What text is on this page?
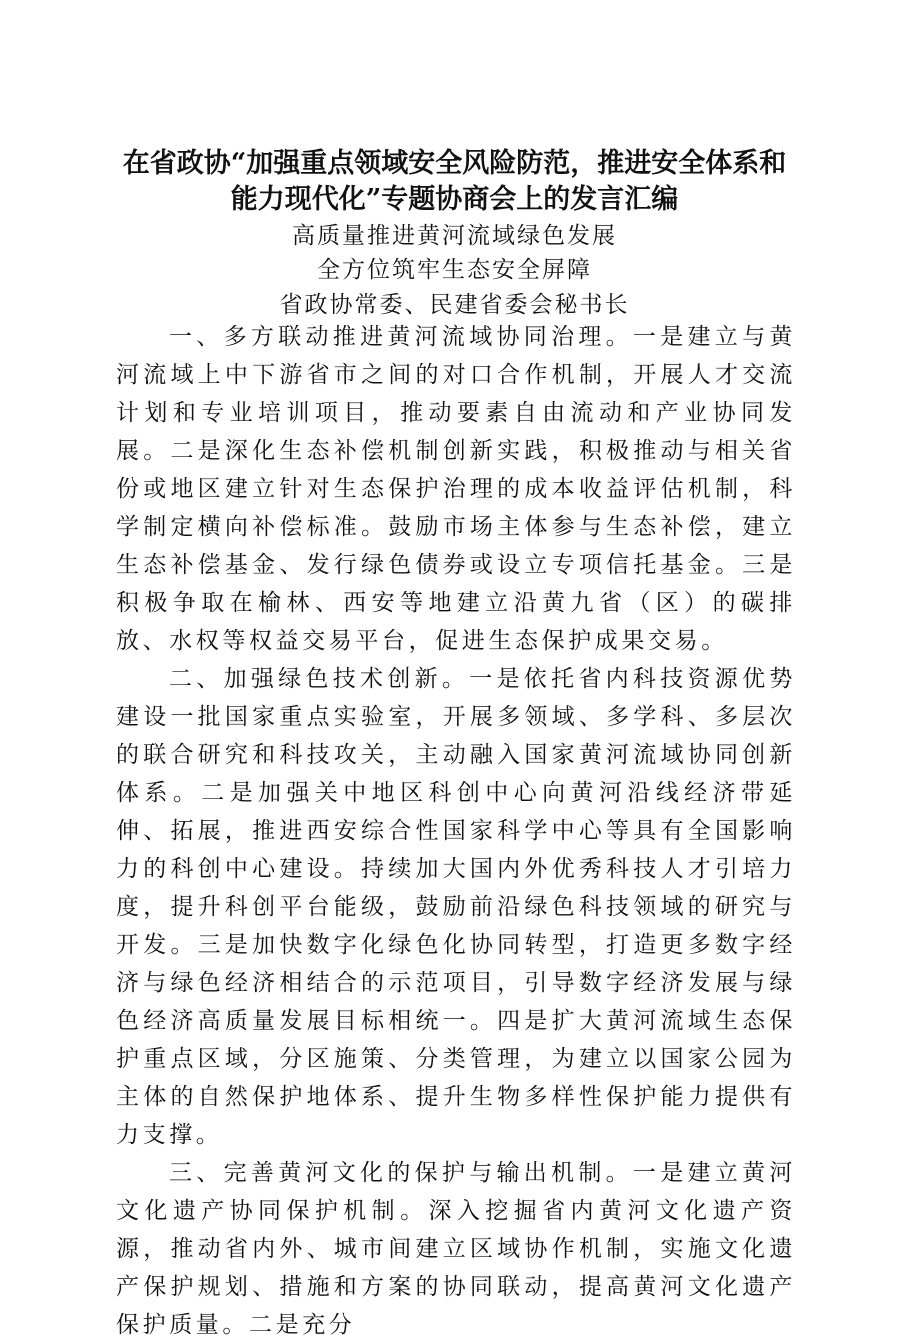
在省政协“加强重点领域安全风险防范，推进安全体系和能力现代化”专题协商会上的发言汇编
高质量推进黄河流域绿色发展
全方位筑牢生态安全屏障
省政协常委、民建省委会秘书长

一、多方联动推进黄河流域协同治理。一是建立与黄河流域上中下游省市之间的对口合作机制，开展人才交流计划和专业培训项目，推动要素自由流动和产业协同发展。二是深化生态补偿机制创新实践，积极推动与相关省份或地区建立针对生态保护治理的成本收益评估机制，科学制定横向补偿标准。鼓励市场主体参与生态补偿，建立生态补偿基金、发行绿色债券或设立专项信托基金。三是积极争取在榆林、西安等地建立沿黄九省（区）的碳排放、水权等权益交易平台，促进生态保护成果交易。

二、加强绿色技术创新。一是依托省内科技资源优势建设一批国家重点实验室，开展多领域、多学科、多层次的联合研究和科技攻关，主动融入国家黄河流域协同创新体系。二是加强关中地区科创中心向黄河沿线经济带延伸、拓展，推进西安综合性国家科学中心等具有全国影响力的科创中心建设。持续加大国内外优秀科技人才引培力度，提升科创平台能级，鼓励前沿绿色科技领域的研究与开发。三是加快数字化绿色化协同转型，打造更多数字经济与绿色经济相结合的示范项目，引导数字经济发展与绿色经济高质量发展目标相统一。四是扩大黄河流域生态保护重点区域，分区施策、分类管理，为建立以国家公园为主体的自然保护地体系、提升生物多样性保护能力提供有力支撑。

三、完善黄河文化的保护与输出机制。一是建立黄河文化遗产协同保护机制。深入挖掘省内黄河文化遗产资源，推动省内外、城市间建立区域协作机制，实施文化遗产保护规划、措施和方案的协同联动，提高黄河文化遗产保护质量。二是充分
